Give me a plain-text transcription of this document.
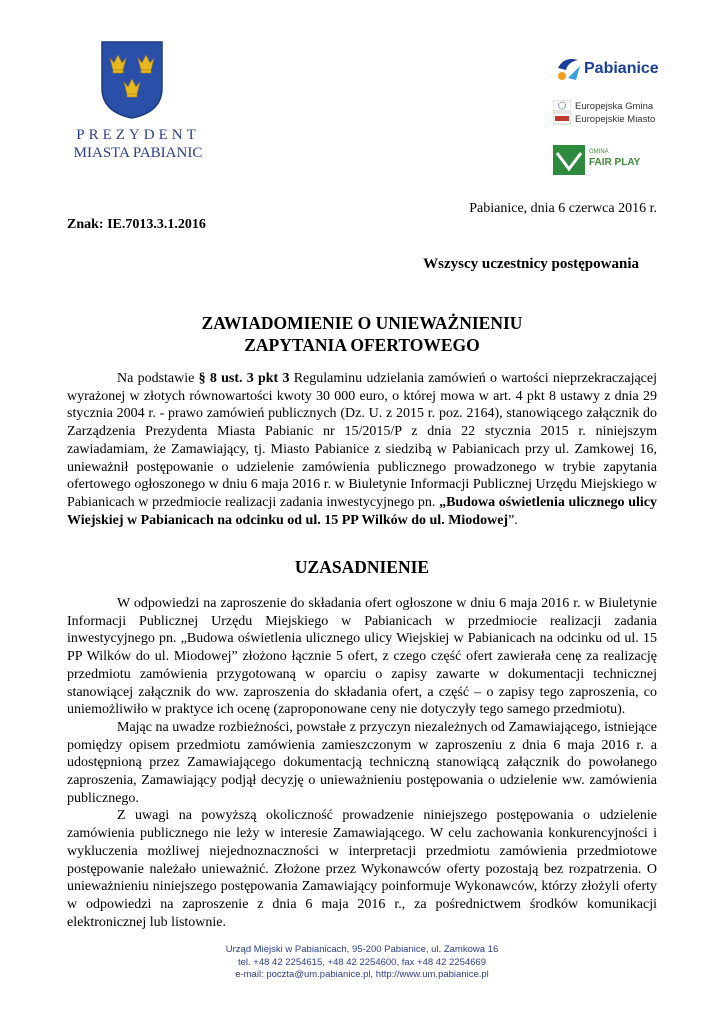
PREZYDENT
MIASTA PABIANIC
Pabianice
Europejska Gmina
Europejskie Miasto
GMINA
FAIR PLAY
Pabianice, dnia 6 czerwca 2016 r.
Znak: IE.7013.3.1.2016
Wszyscy uczestnicy postępowania
ZAWIADOMIENIE O UNIEWAŻNIENIU
ZAPYTANIA OFERTOWEGO
Na podstawie § 8 ust. 3 pkt 3 Regulaminu udzielania zamówień o wartości nieprzekraczającej wyrażonej w złotych równowartości kwoty 30 000 euro, o której mowa w art. 4 pkt 8 ustawy z dnia 29 stycznia 2004 r. - prawo zamówień publicznych (Dz. U. z 2015 r. poz. 2164), stanowiącego załącznik do Zarządzenia Prezydenta Miasta Pabianic nr 15/2015/P z dnia 22 stycznia 2015 r. niniejszym zawiadamiam, że Zamawiający, tj. Miasto Pabianice z siedzibą w Pabianicach przy ul. Zamkowej 16, unieważnił postępowanie o udzielenie zamówienia publicznego prowadzonego w trybie zapytania ofertowego ogłoszonego w dniu 6 maja 2016 r. w Biuletynie Informacji Publicznej Urzędu Miejskiego w Pabianicach w przedmiocie realizacji zadania inwestycyjnego pn. „Budowa oświetlenia ulicznego ulicy Wiejskiej w Pabianicach na odcinku od ul. 15 PP Wilków do ul. Miodowej”.
UZASADNIENIE

W odpowiedzi na zaproszenie do składania ofert ogłoszone w dniu 6 maja 2016 r. w Biuletynie Informacji Publicznej Urzędu Miejskiego w Pabianicach w przedmiocie realizacji zadania inwestycyjnego pn. „Budowa oświetlenia ulicznego ulicy Wiejskiej w Pabianicach na odcinku od ul. 15 PP Wilków do ul. Miodowej” złożono łącznie 5 ofert, z czego część ofert zawierała cenę za realizację przedmiotu zamówienia przygotowaną w oparciu o zapisy zawarte w dokumentacji technicznej stanowiącej załącznik do ww. zaproszenia do składania ofert, a część – o zapisy tego zaproszenia, co uniemożliwiło w praktyce ich ocenę (zaproponowane ceny nie dotyczyły tego samego przedmiotu).

Mając na uwadze rozbieżności, powstałe z przyczyn niezależnych od Zamawiającego, istniejące pomiędzy opisem przedmiotu zamówienia zamieszczonym w zaproszeniu z dnia 6 maja 2016 r. a udostępnioną przez Zamawiającego dokumentacją techniczną stanowiącą załącznik do powołanego zaproszenia, Zamawiający podjął decyzję o unieważnieniu postępowania o udzielenie ww. zamówienia publicznego.

Z uwagi na powyższą okoliczność prowadzenie niniejszego postępowania o udzielenie zamówienia publicznego nie leży w interesie Zamawiającego. W celu zachowania konkurencyjności i wykluczenia możliwej niejednoznaczności w interpretacji przedmiotu zamówienia przedmiotowe postępowanie należało unieważnić. Złożone przez Wykonawców oferty pozostają bez rozpatrzenia. O unieważnieniu niniejszego postępowania Zamawiający poinformuje Wykonawców, którzy złożyli oferty w odpowiedzi na zaproszenie z dnia 6 maja 2016 r., za pośrednictwem środków komunikacji elektronicznej lub listownie.

Urząd Miejski w Pabianicach, 95-200 Pabianice, ul. Zamkowa 16
tel. +48 42 2254615, +48 42 2254600, fax +48 42 2254669
e-mail: poczta@um.pabianice.pl, http://www.um.pabianice.pl
